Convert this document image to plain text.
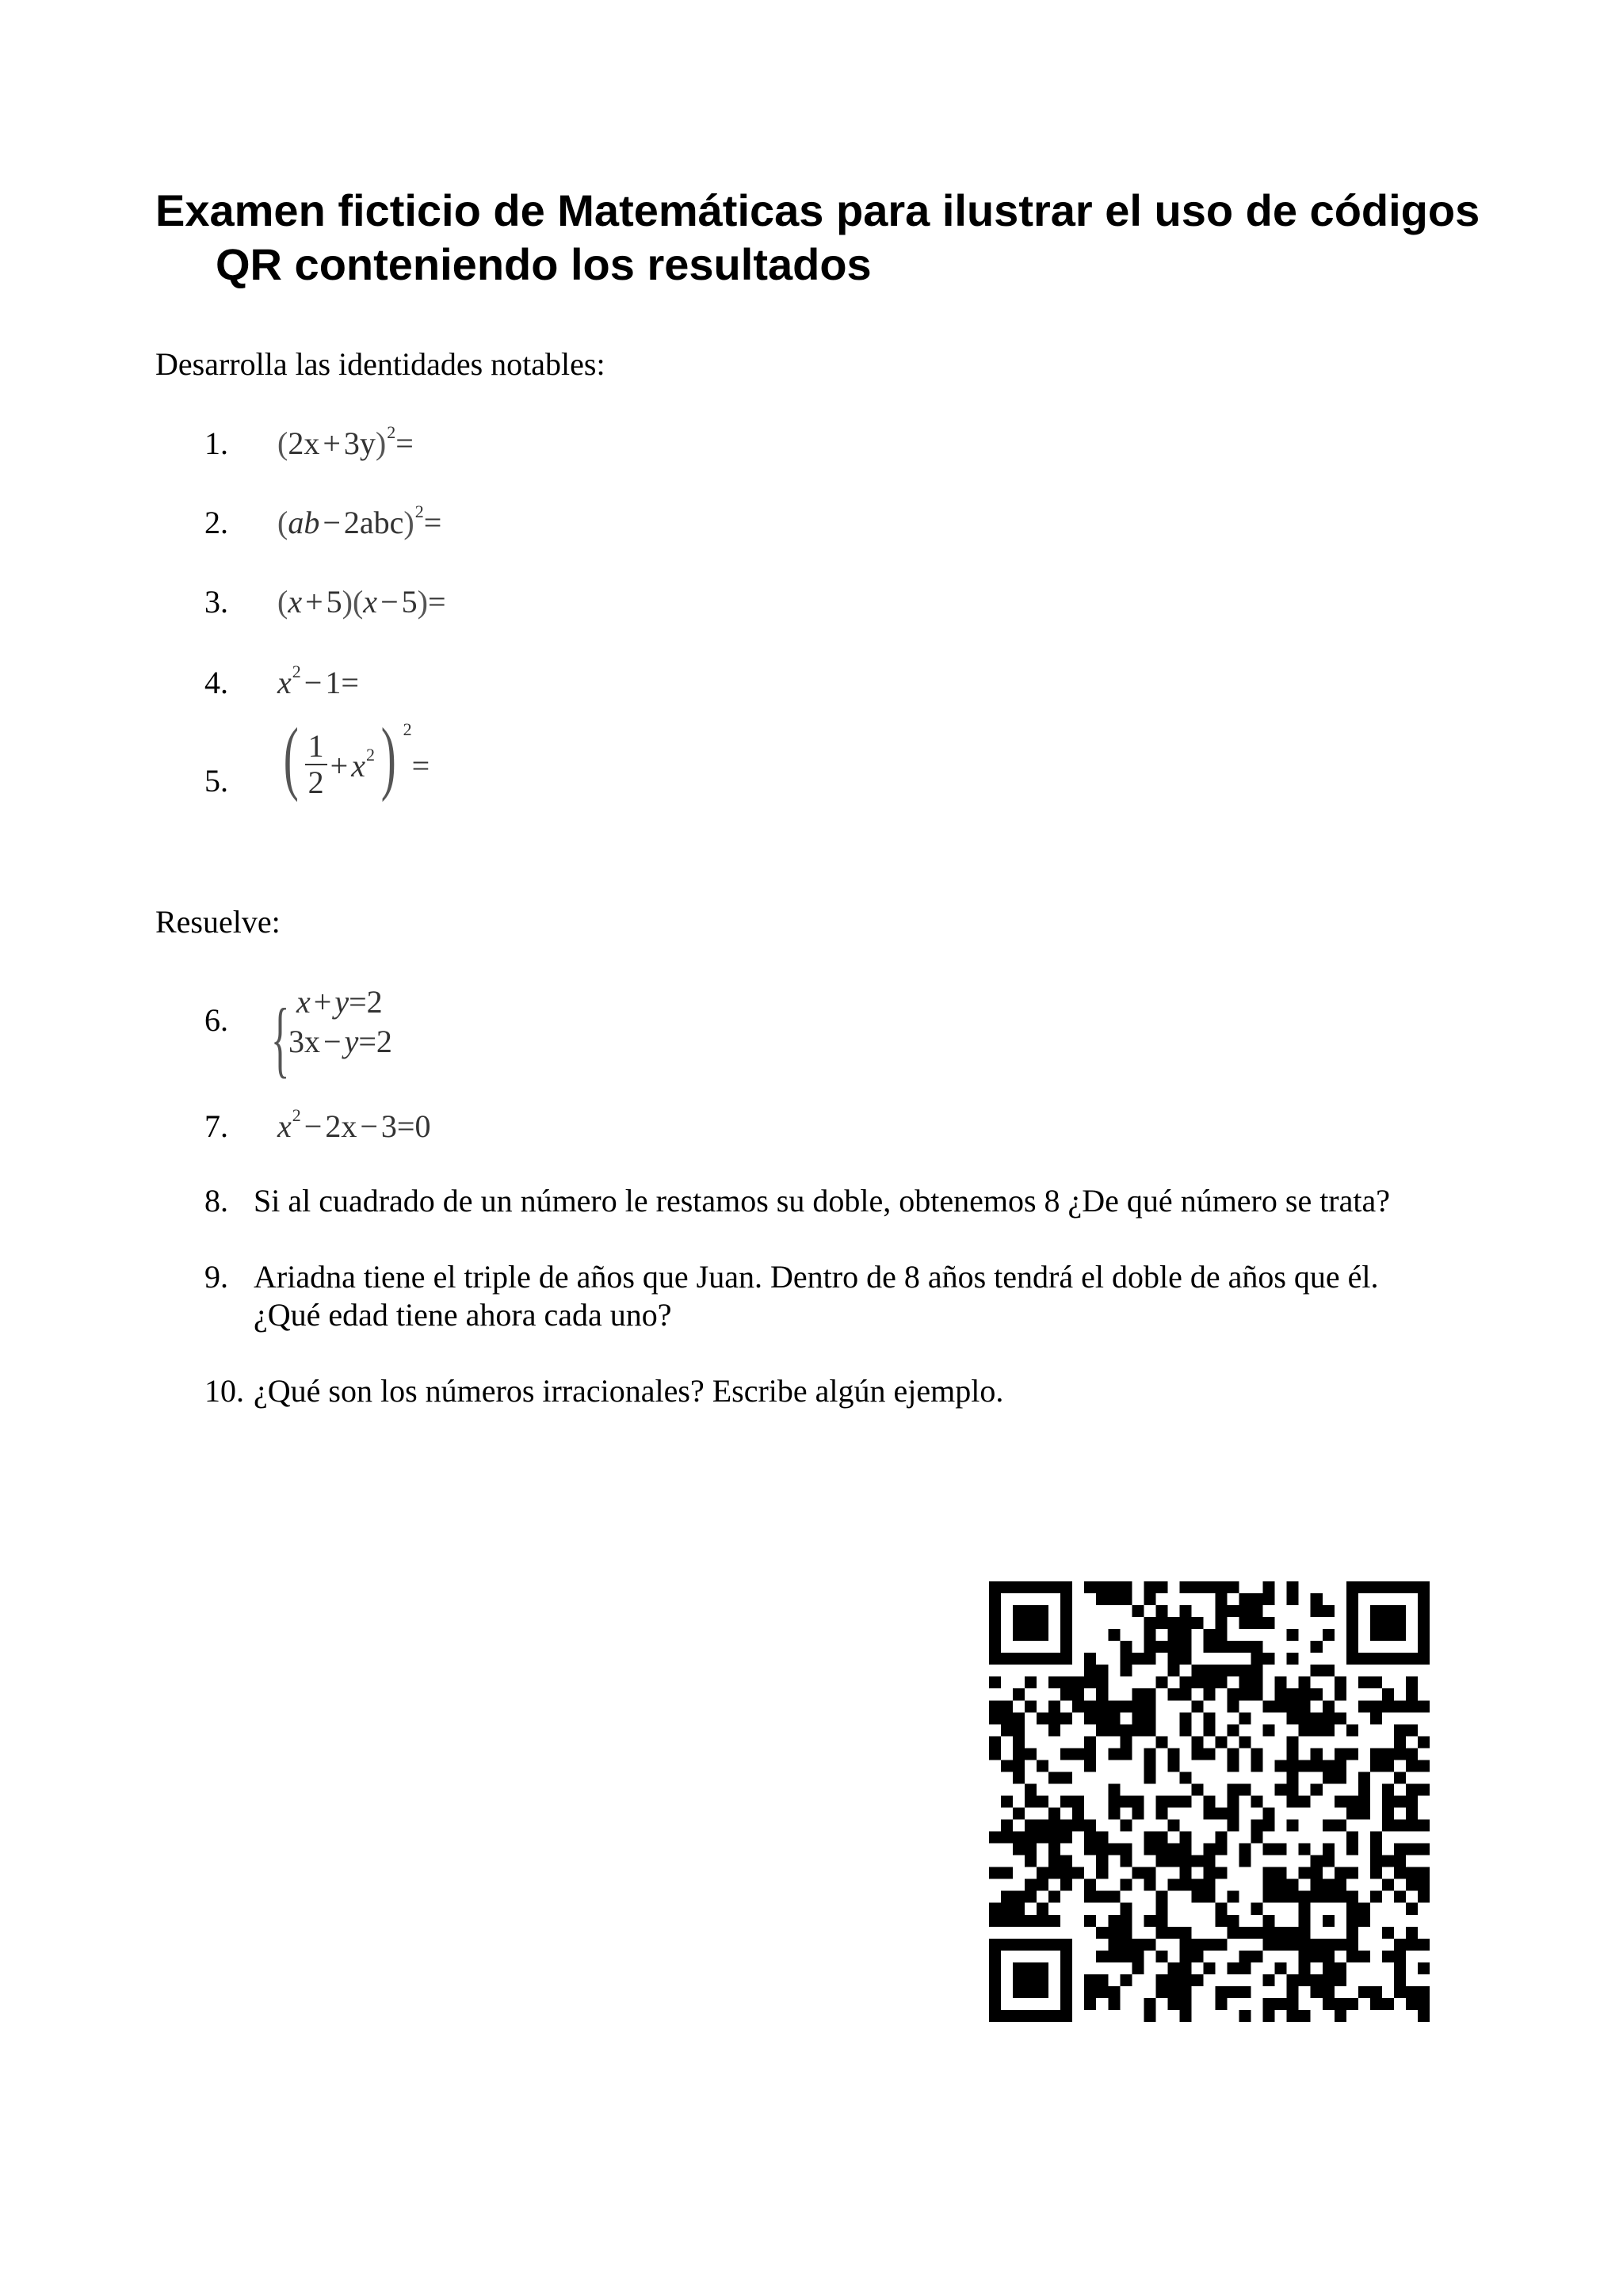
Examen ficticio de Matemáticas para ilustrar el uso de códigos
QR conteniendo los resultados
Desarrolla las identidades notables:
1. $(2x + 3y)^2=$
2. (ab − 2abc)$^2$=
3. (x + 5)(x − 5)=
4. $x^2 - 1=$
5. ( $\frac{1}{2} + x^2$) $^2$=
Resuelve:
6. { x + y=2
3x − y=2
7. $x^2 - 2x - 3=0$
8. Si al cuadrado de un número le restamos su doble, obtenemos 8 ¿De qué número se trata?
9. Ariadna tiene el triple de años que Juan. Dentro de 8 años tendrá el doble de años que él.
¿Qué edad tiene ahora cada uno?
10. ¿Qué son los números irracionales? Escribe algún ejemplo.
